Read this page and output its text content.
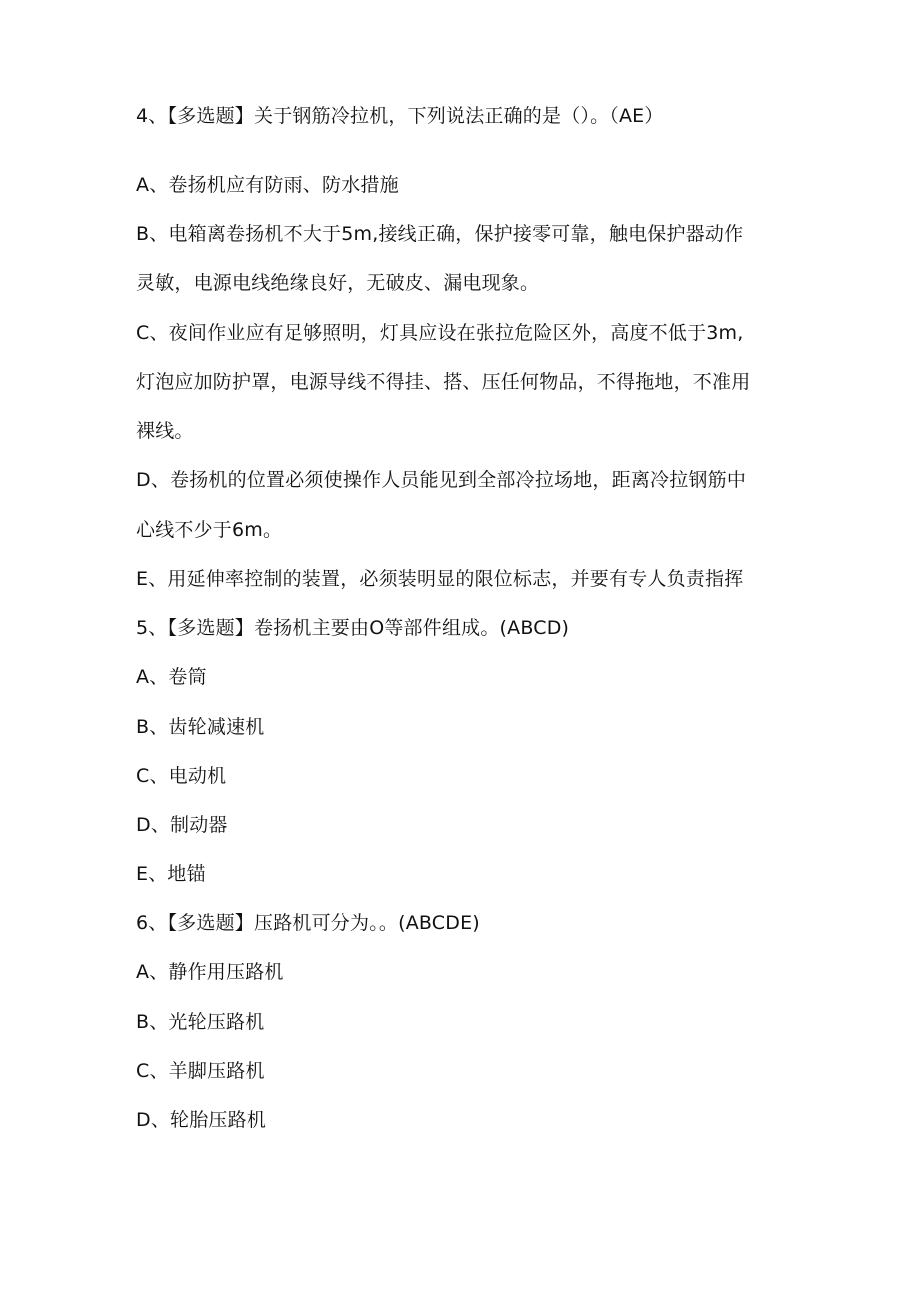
4、【多选题】关于钢筋冷拉机，下列说法正确的是（）。（AE）
A、卷扬机应有防雨、防水措施
B、电箱离卷扬机不大于5m,接线正确，保护接零可靠，触电保护器动作
灵敏，电源电线绝缘良好，无破皮、漏电现象。
C、夜间作业应有足够照明，灯具应设在张拉危险区外，高度不低于3m,
灯泡应加防护罩，电源导线不得挂、搭、压任何物品，不得拖地，不准用
裸线。
D、卷扬机的位置必须使操作人员能见到全部冷拉场地，距离冷拉钢筋中
心线不少于6m。
E、用延伸率控制的装置，必须装明显的限位标志，并要有专人负责指挥
5、【多选题】卷扬机主要由O等部件组成。(ABCD)
A、卷筒
B、齿轮减速机
C、电动机
D、制动器
E、地锚
6、【多选题】压路机可分为。。(ABCDE)
A、静作用压路机
B、光轮压路机
C、羊脚压路机
D、轮胎压路机
